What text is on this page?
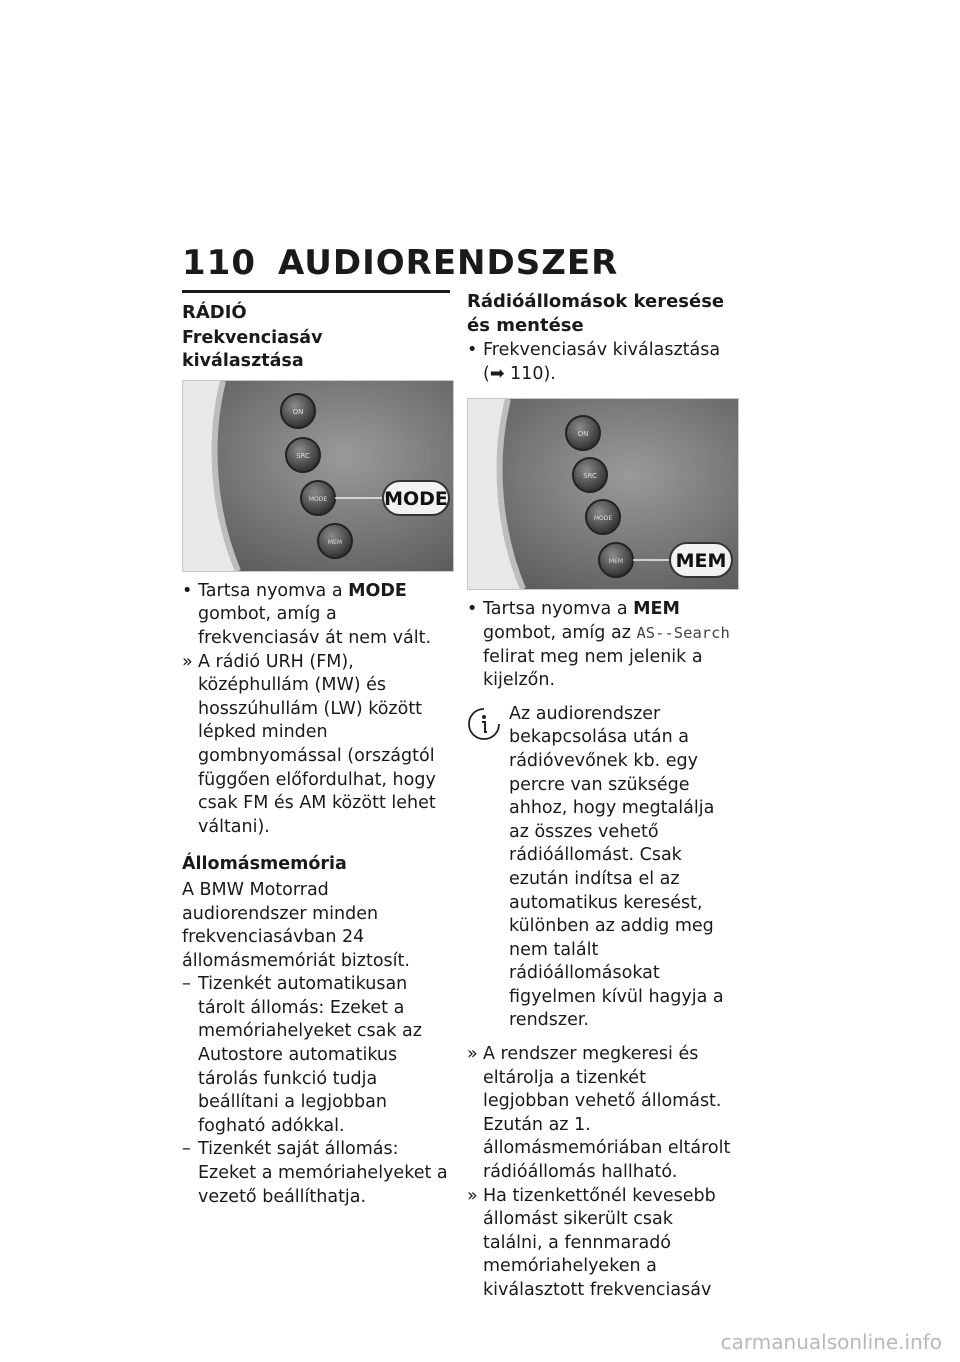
110 AUDIORENDSZER
RÁDIÓ
Frekvenciasáv kiválasztása
ON
SRC
MODE
MEM
MODE
• Tartsa nyomva a MODE gombot, amíg a frekvenciasáv át nem vált.
» A rádió URH (FM), középhullám (MW) és hosszúhullám (LW) között lépked minden gombnyomással (országtól függően előfordulhat, hogy csak FM és AM között lehet váltani).
Állomásmemória

A BMW Motorrad audiorendszer minden frekvenciasávban 24 állomásmemóriát biztosít.

– Tizenkét automatikusan tárolt állomás: Ezeket a memóriahelyeket csak az Autostore automatikus tárolás funkció tudja beállítani a legjobban fogható adókkal.
– Tizenkét saját állomás: Ezeket a memóriahelyeket a vezető beállíthatja.
Rádióállomások keresése és mentése
• Frekvenciasáv kiválasztása
(➡ 110).
ON
SRC
MODE
MEM	MEM
• Tartsa nyomva a MEM gombot, amíg az AS--Search felirat meg nem jelenik a kijelzőn.

Az audiorendszer bekapcsolása után a rádióvevőnek kb. egy percre van szüksége ahhoz, hogy megtalálja az összes vehető rádióállomást. Csak ezután indítsa el az automatikus keresést, különben az addig meg nem talált rádióállomásokat figyelmen kívül hagyja a rendszer.

» A rendszer megkeresi és eltárolja a tizenkét legjobban vehető állomást. Ezután az 1. állomásmemóriában eltárolt rádióállomás hallható.
» Ha tizenkettőnél kevesebb állomást sikerült csak találni, a fennmaradó memóriahelyeken a kiválasztott frekvenciasáv
carmanualsonline.info
